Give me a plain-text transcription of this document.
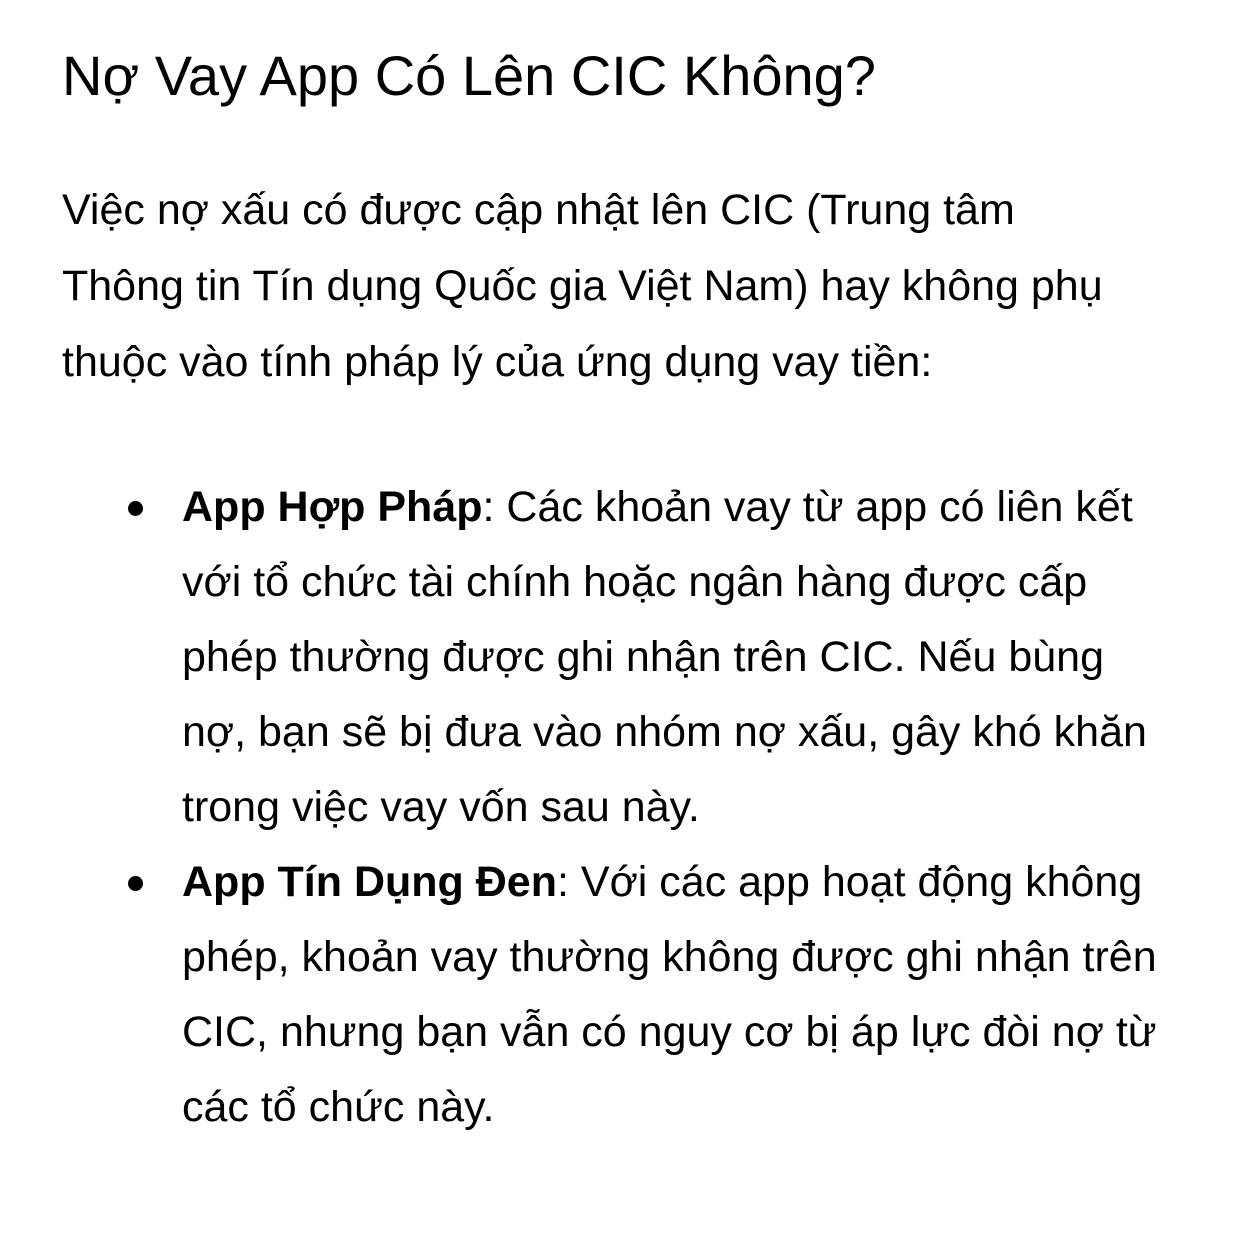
Nợ Vay App Có Lên CIC Không?

Việc nợ xấu có được cập nhật lên CIC (Trung tâm Thông tin Tín dụng Quốc gia Việt Nam) hay không phụ thuộc vào tính pháp lý của ứng dụng vay tiền:

App Hợp Pháp: Các khoản vay từ app có liên kết với tổ chức tài chính hoặc ngân hàng được cấp phép thường được ghi nhận trên CIC. Nếu bùng nợ, bạn sẽ bị đưa vào nhóm nợ xấu, gây khó khăn trong việc vay vốn sau này.
App Tín Dụng Đen: Với các app hoạt động không phép, khoản vay thường không được ghi nhận trên CIC, nhưng bạn vẫn có nguy cơ bị áp lực đòi nợ từ các tổ chức này.
